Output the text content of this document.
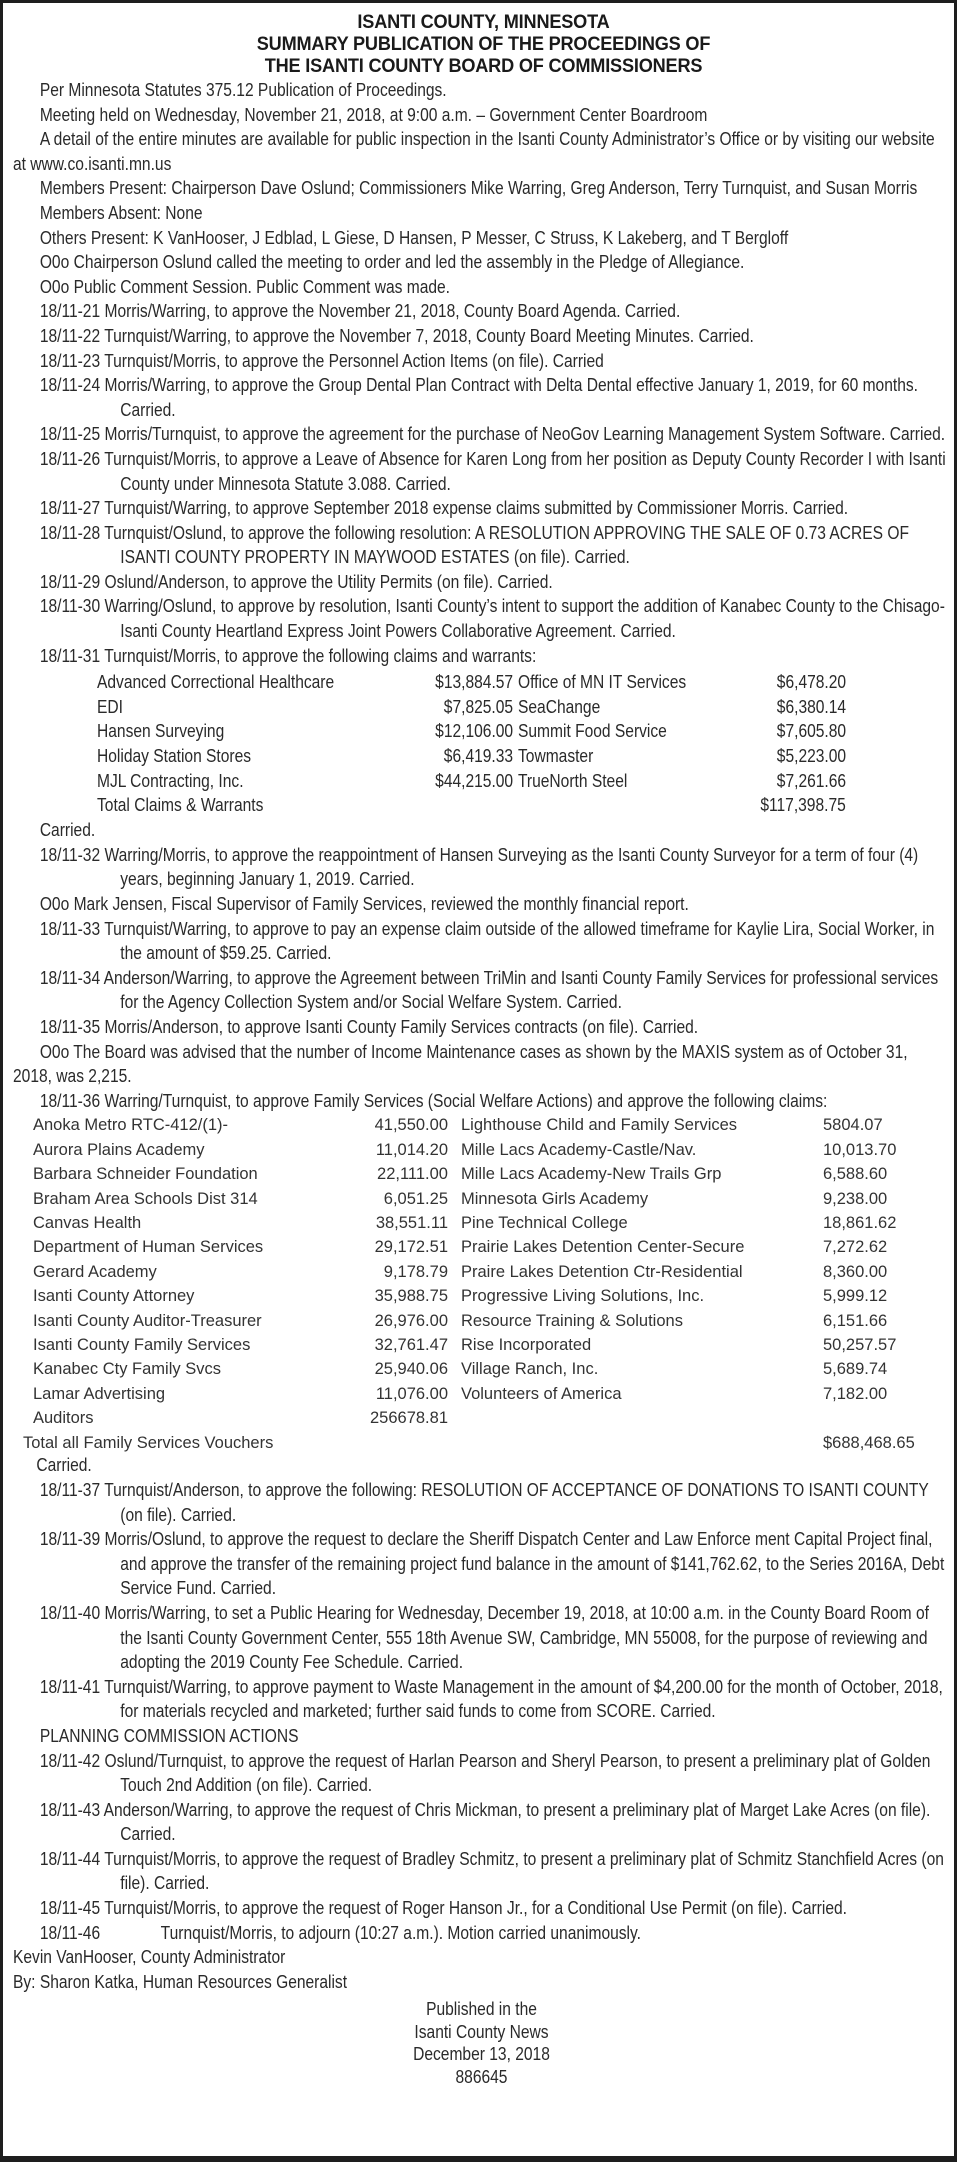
ISANTI COUNTY, MINNESOTA
SUMMARY PUBLICATION OF THE PROCEEDINGS OF
THE ISANTI COUNTY BOARD OF COMMISSIONERS

Per Minnesota Statutes 375.12 Publication of Proceedings.

Meeting held on Wednesday, November 21, 2018, at 9:00 a.m. – Government Center Boardroom

A detail of the entire minutes are available for public inspection in the Isanti County Administrator’s Office or by visiting our website at www.co.isanti.mn.us

Members Present: Chairperson Dave Oslund; Commissioners Mike Warring, Greg Anderson, Terry Turnquist, and Susan Morris

Members Absent: None

Others Present: K VanHooser, J Edblad, L Giese, D Hansen, P Messer, C Struss, K Lakeberg, and T Bergloff

O0o Chairperson Oslund called the meeting to order and led the assembly in the Pledge of Allegiance.

O0o Public Comment Session. Public Comment was made.

18/11-21 Morris/Warring, to approve the November 21, 2018, County Board Agenda. Carried.

18/11-22 Turnquist/Warring, to approve the November 7, 2018, County Board Meeting Minutes. Carried.

18/11-23 Turnquist/Morris, to approve the Personnel Action Items (on file). Carried

18/11-24 Morris/Warring, to approve the Group Dental Plan Contract with Delta Dental effective January 1, 2019, for 60 months. Carried.

18/11-25 Morris/Turnquist, to approve the agreement for the purchase of NeoGov Learning Management System Software. Carried.

18/11-26 Turnquist/Morris, to approve a Leave of Absence for Karen Long from her position as Deputy County Recorder I with Isanti County under Minnesota Statute 3.088. Carried.

18/11-27 Turnquist/Warring, to approve September 2018 expense claims submitted by Commissioner Morris. Carried.

18/11-28 Turnquist/Oslund, to approve the following resolution: A RESOLUTION APPROVING THE SALE OF 0.73 ACRES OF ISANTI COUNTY PROPERTY IN MAYWOOD ESTATES (on file). Carried.

18/11-29 Oslund/Anderson, to approve the Utility Permits (on file). Carried.

18/11-30 Warring/Oslund, to approve by resolution, Isanti County’s intent to support the addition of Kanabec County to the Chisago-Isanti County Heartland Express Joint Powers Collaborative Agreement. Carried.

18/11-31 Turnquist/Morris, to approve the following claims and warrants:

Advanced Correctional Healthcare	$13,884.57 Office of MN IT Services	$6,478.20
EDI	$7,825.05 SeaChange	$6,380.14
Hansen Surveying	$12,106.00 Summit Food Service	$7,605.80
Holiday Station Stores	$6,419.33 Towmaster	$5,223.00
MJL Contracting, Inc.	$44,215.00 TrueNorth Steel	$7,261.66
Total Claims & Warrants	$117,398.75

Carried.

18/11-32 Warring/Morris, to approve the reappointment of Hansen Surveying as the Isanti County Surveyor for a term of four (4) years, beginning January 1, 2019. Carried.

O0o Mark Jensen, Fiscal Supervisor of Family Services, reviewed the monthly financial report.

18/11-33 Turnquist/Warring, to approve to pay an expense claim outside of the allowed timeframe for Kaylie Lira, Social Worker, in the amount of $59.25. Carried.

18/11-34 Anderson/Warring, to approve the Agreement between TriMin and Isanti County Family Services for professional services for the Agency Collection System and/or Social Welfare System. Carried.

18/11-35 Morris/Anderson, to approve Isanti County Family Services contracts (on file). Carried.

O0o The Board was advised that the number of Income Maintenance cases as shown by the MAXIS system as of October 31, 2018, was 2,215.

18/11-36 Warring/Turnquist, to approve Family Services (Social Welfare Actions) and approve the following claims:

Anoka Metro RTC-412/(1)-	41,550.00 Lighthouse Child and Family Services	5804.07
Aurora Plains Academy	11,014.20 Mille Lacs Academy-Castle/Nav.	10,013.70
Barbara Schneider Foundation	22,111.00 Mille Lacs Academy-New Trails Grp	6,588.60
Braham Area Schools Dist 314	6,051.25 Minnesota Girls Academy	9,238.00
Canvas Health	38,551.11 Pine Technical College	18,861.62
Department of Human Services	29,172.51 Prairie Lakes Detention Center-Secure	7,272.62
Gerard Academy	9,178.79 Praire Lakes Detention Ctr-Residential	8,360.00
Isanti County Attorney	35,988.75 Progressive Living Solutions, Inc.	5,999.12
Isanti County Auditor-Treasurer	26,976.00 Resource Training & Solutions	6,151.66
Isanti County Family Services	32,761.47 Rise Incorporated	50,257.57
Kanabec Cty Family Svcs	25,940.06 Village Ranch, Inc.	5,689.74
Lamar Advertising	11,076.00 Volunteers of America	7,182.00
Auditors	256678.81
Total all Family Services Vouchers	$688,468.65

Carried.

18/11-37 Turnquist/Anderson, to approve the following: RESOLUTION OF ACCEPTANCE OF DONATIONS TO ISANTI COUNTY (on file). Carried.

18/11-39 Morris/Oslund, to approve the request to declare the Sheriff Dispatch Center and Law Enforce ment Capital Project final, and approve the transfer of the remaining project fund balance in the amount of $141,762.62, to the Series 2016A, Debt Service Fund. Carried.

18/11-40 Morris/Warring, to set a Public Hearing for Wednesday, December 19, 2018, at 10:00 a.m. in the County Board Room of the Isanti County Government Center, 555 18th Avenue SW, Cambridge, MN 55008, for the purpose of reviewing and adopting the 2019 County Fee Schedule. Carried.

18/11-41 Turnquist/Warring, to approve payment to Waste Management in the amount of $4,200.00 for the month of October, 2018, for materials recycled and marketed; further said funds to come from SCORE. Carried.

PLANNING COMMISSION ACTIONS

18/11-42 Oslund/Turnquist, to approve the request of Harlan Pearson and Sheryl Pearson, to present a preliminary plat of Golden Touch 2nd Addition (on file). Carried.

18/11-43 Anderson/Warring, to approve the request of Chris Mickman, to present a preliminary plat of Marget Lake Acres (on file). Carried.

18/11-44 Turnquist/Morris, to approve the request of Bradley Schmitz, to present a preliminary plat of Schmitz Stanchfield Acres (on file). Carried.

18/11-45 Turnquist/Morris, to approve the request of Roger Hanson Jr., for a Conditional Use Permit (on file). Carried.

18/11-46	Turnquist/Morris, to adjourn (10:27 a.m.). Motion carried unanimously.

Kevin VanHooser, County Administrator

By: Sharon Katka, Human Resources Generalist

Published in the
Isanti County News
December 13, 2018
886645
